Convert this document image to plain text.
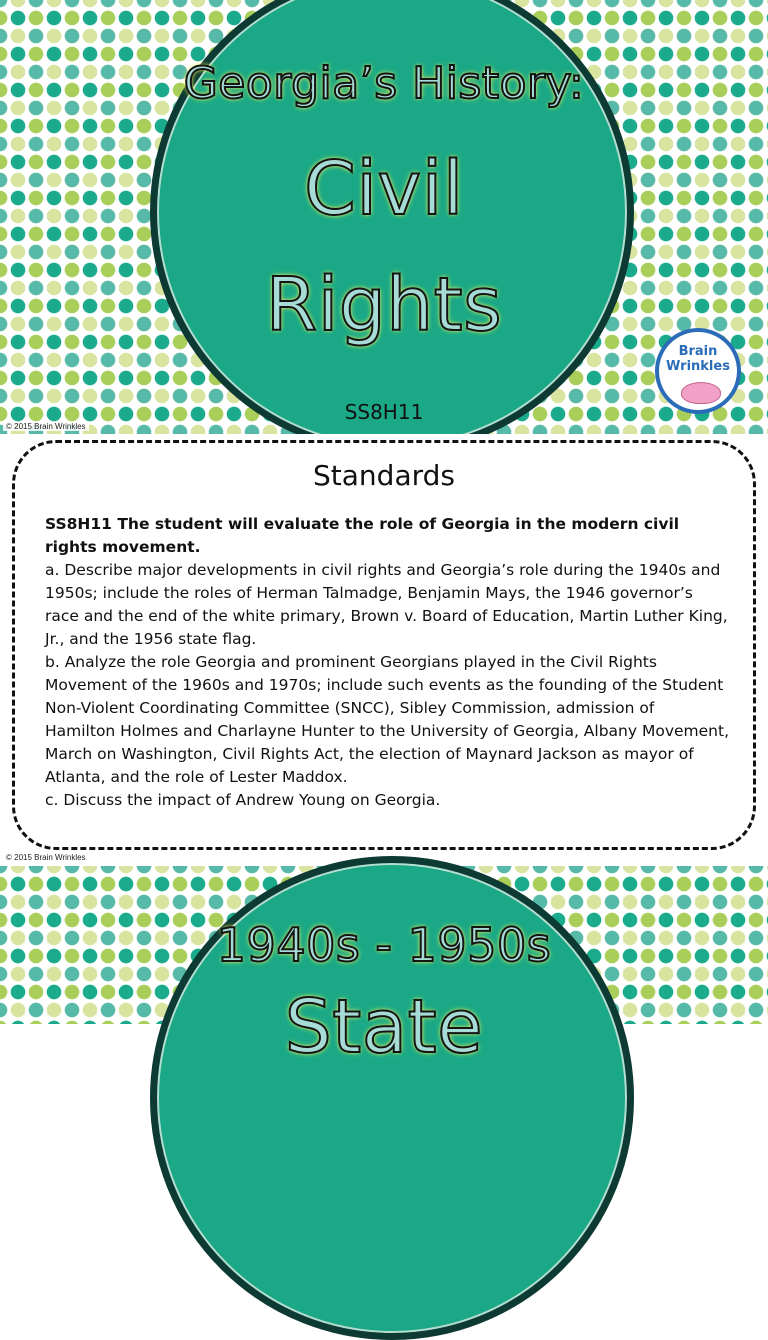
Georgia’s History:
Civil
Rights
SS8H11
Brain
Wrinkles
© 2015 Brain Wrinkles
Standards

SS8H11 The student will evaluate the role of Georgia in the modern civil rights movement.

a. Describe major developments in civil rights and Georgia’s role during the 1940s and 1950s; include the roles of Herman Talmadge, Benjamin Mays, the 1946 governor’s race and the end of the white primary, Brown v. Board of Education, Martin Luther King, Jr., and the 1956 state flag.

b. Analyze the role Georgia and prominent Georgians played in the Civil Rights Movement of the 1960s and 1970s; include such events as the founding of the Student Non-Violent Coordinating Committee (SNCC), Sibley Commission, admission of Hamilton Holmes and Charlayne Hunter to the University of Georgia, Albany Movement, March on Washington, Civil Rights Act, the election of Maynard Jackson as mayor of Atlanta, and the role of Lester Maddox.

c. Discuss the impact of Andrew Young on Georgia.

© 2015 Brain Wrinkles
1940s - 1950s
State
